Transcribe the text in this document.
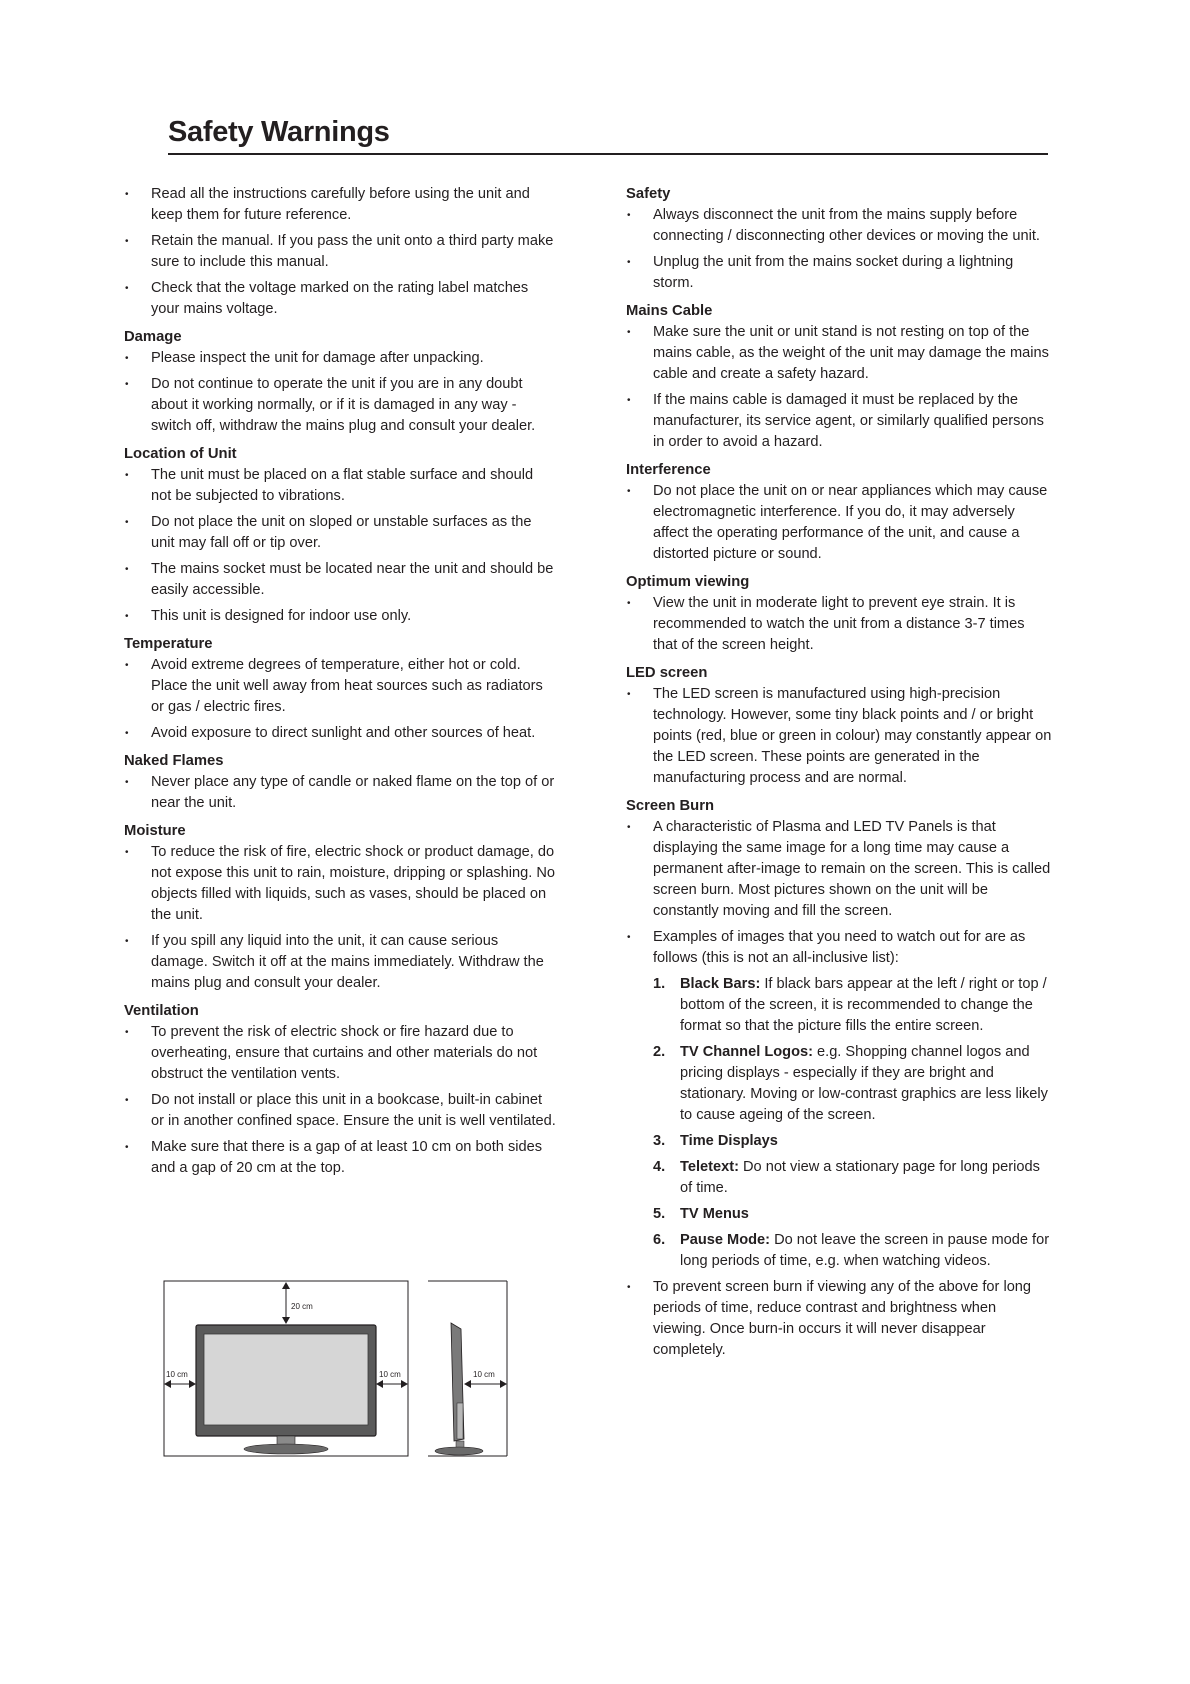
Safety Warnings
• Read all the instructions carefully before using the unit and keep them for future reference.
• Retain the manual. If you pass the unit onto a third party make sure to include this manual.
• Check that the voltage marked on the rating label matches your mains voltage.

Damage

• Please inspect the unit for damage after unpacking.
• Do not continue to operate the unit if you are in any doubt about it working normally, or if it is damaged in any way - switch off, withdraw the mains plug and consult your dealer.

Location of Unit

• The unit must be placed on a flat stable surface and should not be subjected to vibrations.
• Do not place the unit on sloped or unstable surfaces as the unit may fall off or tip over.
• The mains socket must be located near the unit and should be easily accessible.
• This unit is designed for indoor use only.

Temperature

• Avoid extreme degrees of temperature, either hot or cold. Place the unit well away from heat sources such as radiators or gas / electric fires.
• Avoid exposure to direct sunlight and other sources of heat.

Naked Flames

• Never place any type of candle or naked flame on the top of or near the unit.

Moisture

• To reduce the risk of fire, electric shock or product damage, do not expose this unit to rain, moisture, dripping or splashing. No objects filled with liquids, such as vases, should be placed on the unit.
• If you spill any liquid into the unit, it can cause serious damage. Switch it off at the mains immediately. Withdraw the mains plug and consult your dealer.

Ventilation

• To prevent the risk of electric shock or fire hazard due to overheating, ensure that curtains and other materials do not obstruct the ventilation vents.
• Do not install or place this unit in a bookcase, built-in cabinet or in another confined space. Ensure the unit is well ventilated.
• Make sure that there is a gap of at least 10 cm on both sides and a gap of 20 cm at the top.
20 cm
10 cm	10 cm	10 cm

Safety

• Always disconnect the unit from the mains supply before connecting / disconnecting other devices or moving the unit.
• Unplug the unit from the mains socket during a lightning storm.

Mains Cable

• Make sure the unit or unit stand is not resting on top of the mains cable, as the weight of the unit may damage the mains cable and create a safety hazard.
• If the mains cable is damaged it must be replaced by the manufacturer, its service agent, or similarly qualified persons in order to avoid a hazard.

Interference

• Do not place the unit on or near appliances which may cause electromagnetic interference. If you do, it may adversely affect the operating performance of the unit, and cause a distorted picture or sound.

Optimum viewing

• View the unit in moderate light to prevent eye strain. It is recommended to watch the unit from a distance 3-7 times that of the screen height.

LED screen

• The LED screen is manufactured using high-precision technology. However, some tiny black points and / or bright points (red, blue or green in colour) may constantly appear on the LED screen. These points are generated in the manufacturing process and are normal.

Screen Burn

• A characteristic of Plasma and LED TV Panels is that displaying the same image for a long time may cause a permanent after-image to remain on the screen. This is called screen burn. Most pictures shown on the unit will be constantly moving and fill the screen.
• Examples of images that you need to watch out for are as follows (this is not an all-inclusive list):
1. Black Bars: If black bars appear at the left / right or top / bottom of the screen, it is recommended to change the format so that the picture fills the entire screen.
2. TV Channel Logos: e.g. Shopping channel logos and pricing displays - especially if they are bright and stationary. Moving or low-contrast graphics are less likely to cause ageing of the screen.
3. Time Displays
4. Teletext: Do not view a stationary page for long periods of time.
5. TV Menus
6. Pause Mode: Do not leave the screen in pause mode for long periods of time, e.g. when watching videos.
• To prevent screen burn if viewing any of the above for long periods of time, reduce contrast and brightness when viewing. Once burn-in occurs it will never disappear completely.
